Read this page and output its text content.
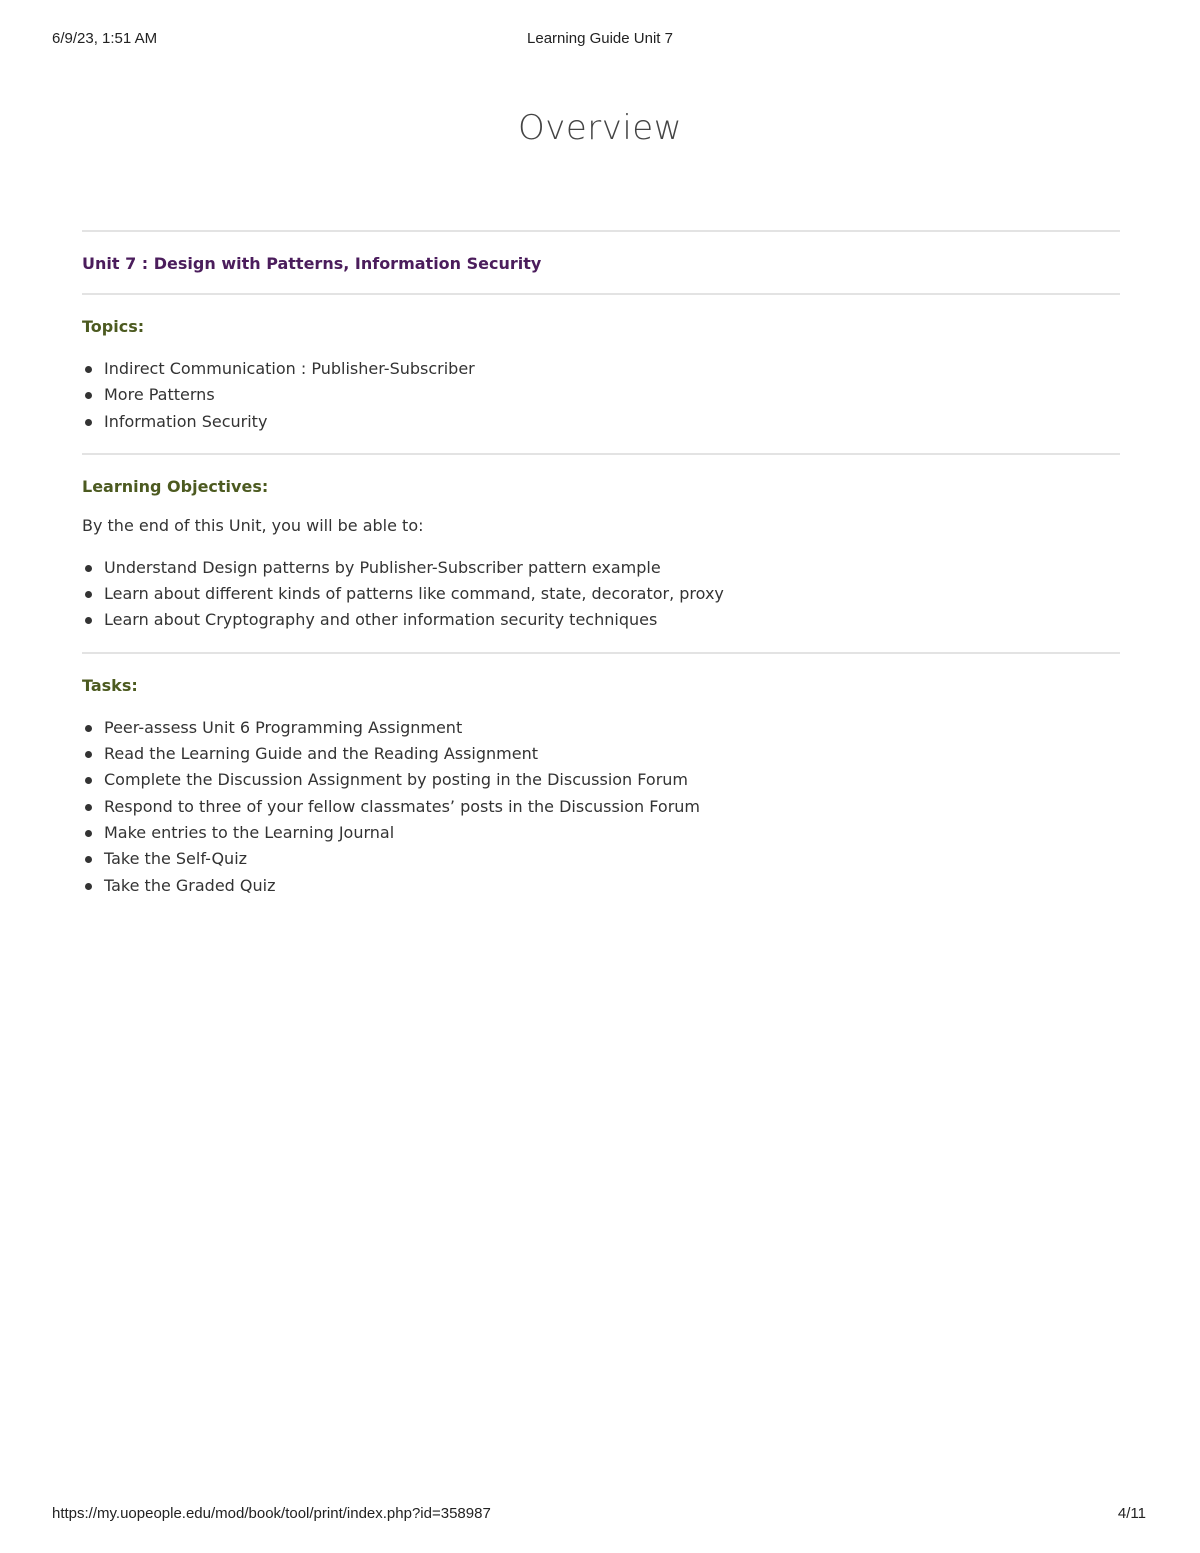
6/9/23, 1:51 AM	Learning Guide Unit 7
Overview
Unit 7 : Design with Patterns, Information Security
Topics:
Indirect Communication : Publisher-Subscriber
More Patterns
Information Security
Learning Objectives:
By the end of this Unit, you will be able to:
Understand Design patterns by Publisher-Subscriber pattern example
Learn about different kinds of patterns like command, state, decorator, proxy
Learn about Cryptography and other information security techniques
Tasks:
Peer-assess Unit 6 Programming Assignment
Read the Learning Guide and the Reading Assignment
Complete the Discussion Assignment by posting in the Discussion Forum
Respond to three of your fellow classmates’ posts in the Discussion Forum
Make entries to the Learning Journal
Take the Self-Quiz
Take the Graded Quiz
https://my.uopeople.edu/mod/book/tool/print/index.php?id=358987	4/11
